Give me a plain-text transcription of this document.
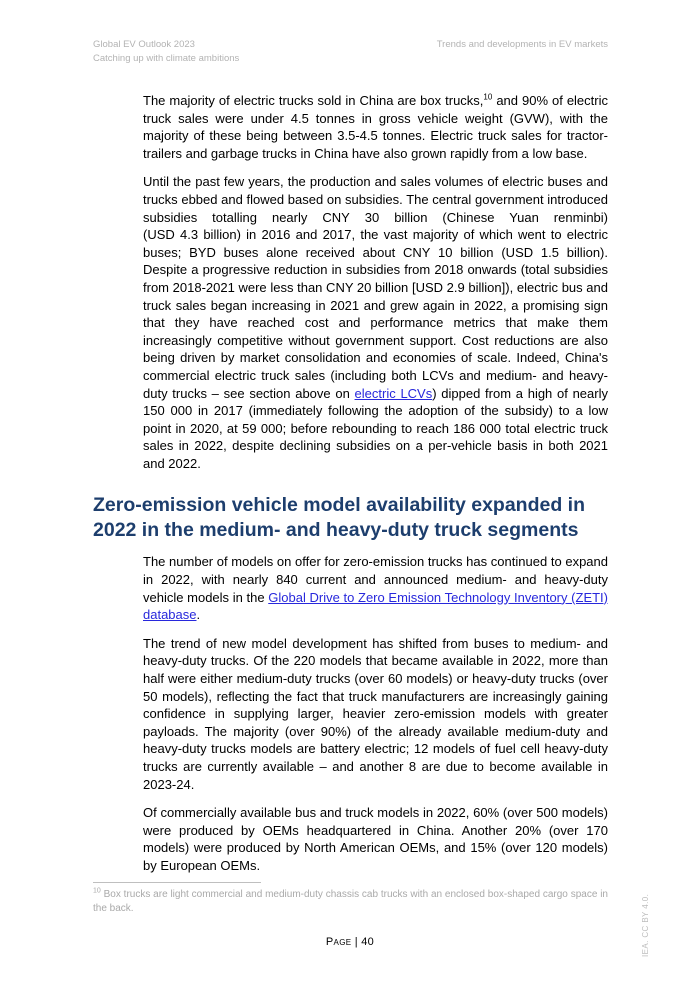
Global EV Outlook 2023
Catching up with climate ambitions
Trends and developments in EV markets

The majority of electric trucks sold in China are box trucks,$^{10}$ and 90% of electric truck sales were under 4.5 tonnes in gross vehicle weight (GVW), with the majority of these being between 3.5-4.5 tonnes. Electric truck sales for tractor-trailers and garbage trucks in China have also grown rapidly from a low base.

Until the past few years, the production and sales volumes of electric buses and trucks ebbed and flowed based on subsidies. The central government introduced subsidies totalling nearly CNY 30 billion (Chinese Yuan renminbi) (USD 4.3 billion) in 2016 and 2017, the vast majority of which went to electric buses; BYD buses alone received about CNY 10 billion (USD 1.5 billion). Despite a progressive reduction in subsidies from 2018 onwards (total subsidies from 2018-2021 were less than CNY 20 billion [USD 2.9 billion]), electric bus and truck sales began increasing in 2021 and grew again in 2022, a promising sign that they have reached cost and performance metrics that make them increasingly competitive without government support. Cost reductions are also being driven by market consolidation and economies of scale. Indeed, China's commercial electric truck sales (including both LCVs and medium- and heavy-duty trucks – see section above on electric LCVs) dipped from a high of nearly 150 000 in 2017 (immediately following the adoption of the subsidy) to a low point in 2020, at 59 000; before rebounding to reach 186 000 total electric truck sales in 2022, despite declining subsidies on a per-vehicle basis in both 2021 and 2022.

Zero-emission vehicle model availability expanded in 2022 in the medium- and heavy-duty truck segments

The number of models on offer for zero-emission trucks has continued to expand in 2022, with nearly 840 current and announced medium- and heavy-duty vehicle models in the Global Drive to Zero Emission Technology Inventory (ZETI) database.

The trend of new model development has shifted from buses to medium- and heavy-duty trucks. Of the 220 models that became available in 2022, more than half were either medium-duty trucks (over 60 models) or heavy-duty trucks (over 50 models), reflecting the fact that truck manufacturers are increasingly gaining confidence in supplying larger, heavier zero-emission models with greater payloads. The majority (over 90%) of the already available medium-duty and heavy-duty trucks models are battery electric; 12 models of fuel cell heavy-duty trucks are currently available – and another 8 are due to become available in 2023-24.

Of commercially available bus and truck models in 2022, 60% (over 500 models) were produced by OEMs headquartered in China. Another 20% (over 170 models) were produced by North American OEMs, and 15% (over 120 models) by European OEMs.

$^{10}$ Box trucks are light commercial and medium-duty chassis cab trucks with an enclosed box-shaped cargo space in the back.
Page | 40	IEA. CC BY 4.0.
